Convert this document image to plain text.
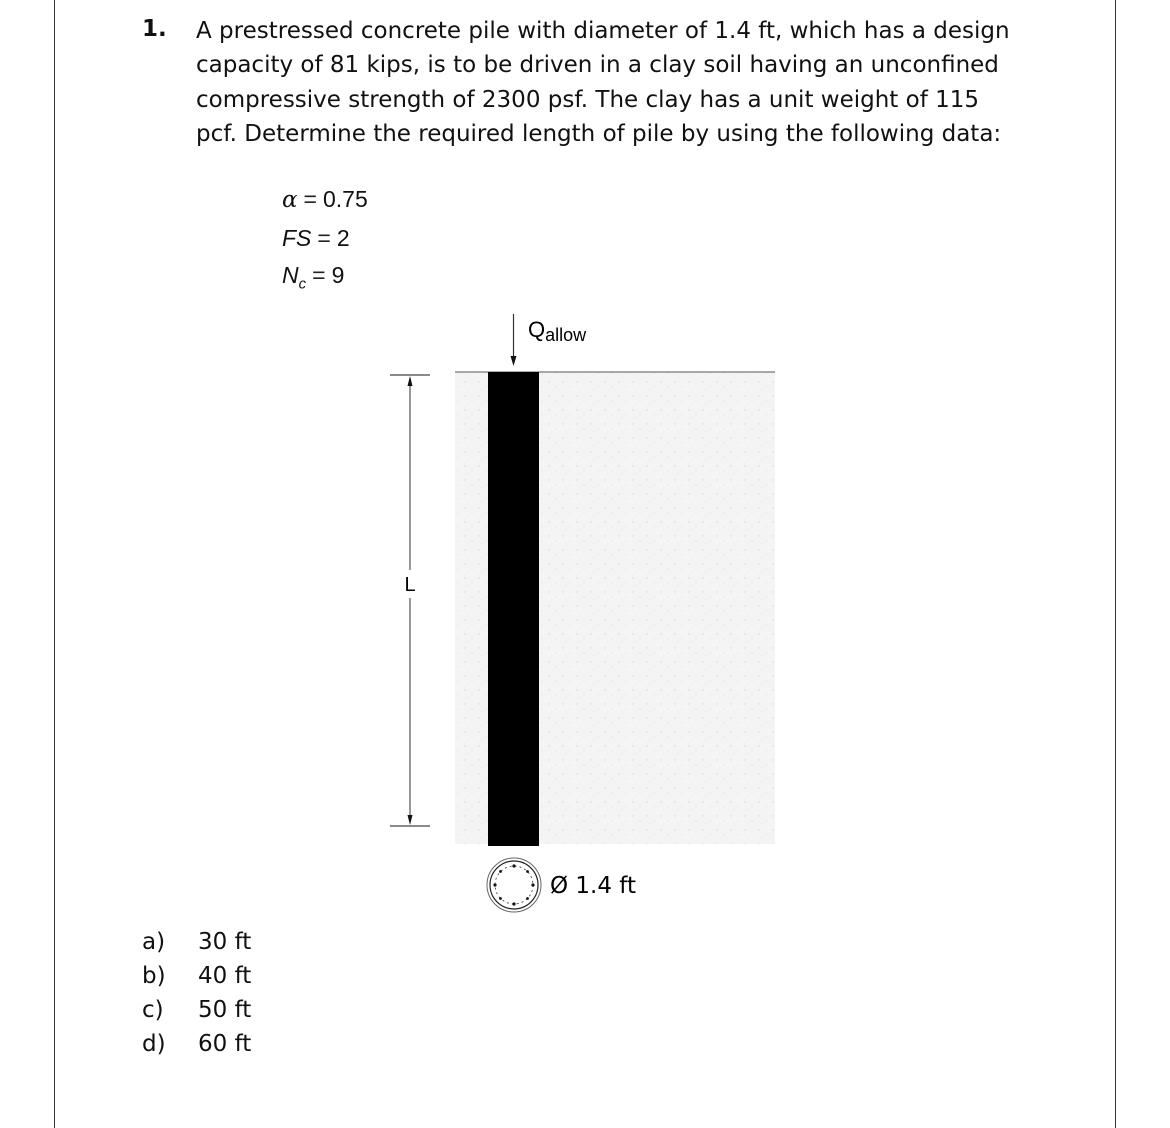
1. A prestressed concrete pile with diameter of 1.4 ft, which has a design capacity of 81 kips, is to be driven in a clay soil having an unconfined compressive strength of 2300 psf. The clay has a unit weight of 115 pcf. Determine the required length of pile by using the following data:

α = 0.75
FS = 2
$N_c = 9$
Qallow
L
Ø 1.4 ft
a)	30 ft
b)	40 ft
c)	50 ft
d)	60 ft
